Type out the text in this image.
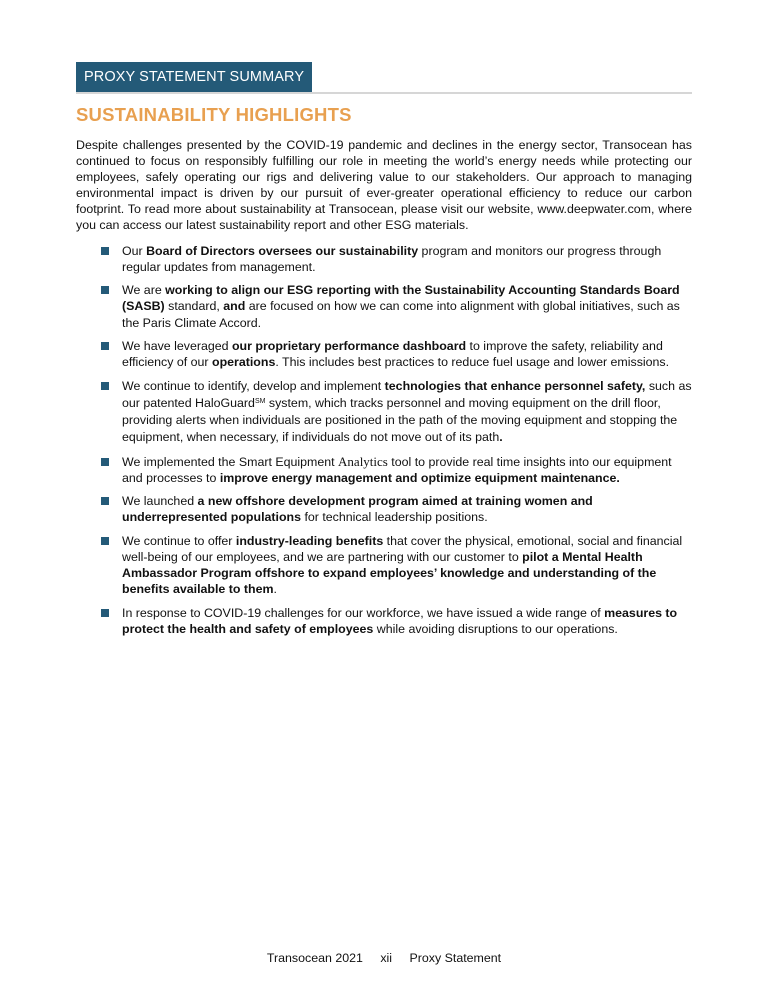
PROXY STATEMENT SUMMARY
SUSTAINABILITY HIGHLIGHTS

Despite challenges presented by the COVID-19 pandemic and declines in the energy sector, Transocean has continued to focus on responsibly fulfilling our role in meeting the world’s energy needs while protecting our employees, safely operating our rigs and delivering value to our stakeholders. Our approach to managing environmental impact is driven by our pursuit of ever-greater operational efficiency to reduce our carbon footprint. To read more about sustainability at Transocean, please visit our website, www.deepwater.com, where you can access our latest sustainability report and other ESG materials.

Our Board of Directors oversees our sustainability program and monitors our progress through regular updates from management.
We are working to align our ESG reporting with the Sustainability Accounting Standards Board (SASB) standard, and are focused on how we can come into alignment with global initiatives, such as the Paris Climate Accord.
We have leveraged our proprietary performance dashboard to improve the safety, reliability and efficiency of our operations. This includes best practices to reduce fuel usage and lower emissions.
We continue to identify, develop and implement technologies that enhance personnel safety, such as our patented HaloGuard℠ system, which tracks personnel and moving equipment on the drill floor, providing alerts when individuals are positioned in the path of the moving equipment and stopping the equipment, when necessary, if individuals do not move out of its path.
We implemented the Smart Equipment Analytics tool to provide real time insights into our equipment and processes to improve energy management and optimize equipment maintenance.
We launched a new offshore development program aimed at training women and underrepresented populations for technical leadership positions.
We continue to offer industry-leading benefits that cover the physical, emotional, social and financial well-being of our employees, and we are partnering with our customer to pilot a Mental Health Ambassador Program offshore to expand employees’ knowledge and understanding of the benefits available to them.
In response to COVID-19 challenges for our workforce, we have issued a wide range of measures to protect the health and safety of employees while avoiding disruptions to our operations.
Transocean 2021 xii Proxy Statement
